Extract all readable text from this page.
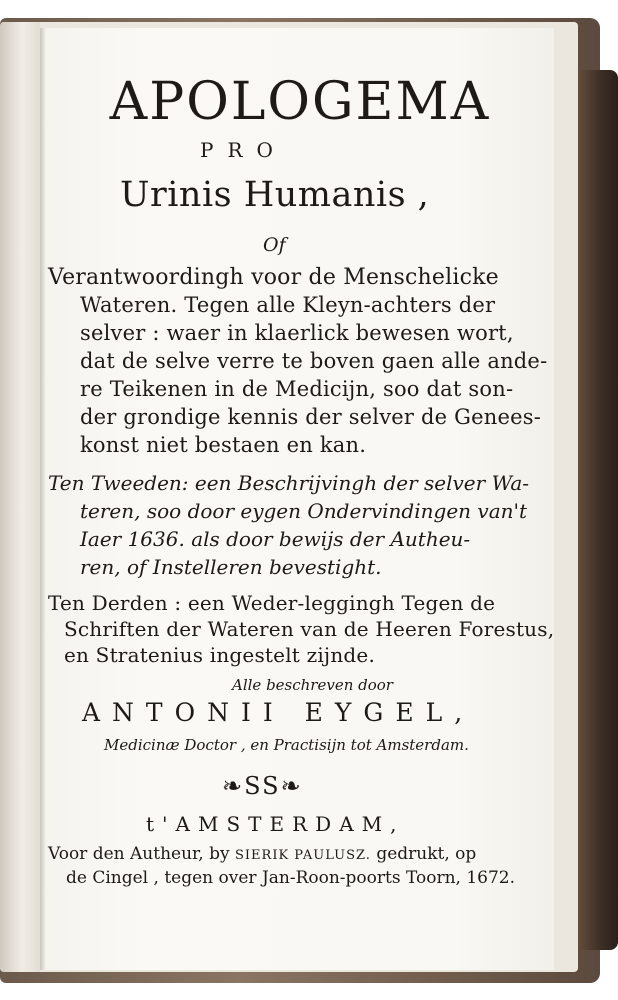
APOLOGEMA
PRO
Urinis Humanis ,
Of
Verantwoordingh voor de Menschelicke
Wateren. Tegen alle Kleyn-achters der
selver : waer in klaerlick bewesen wort,
dat de selve verre te boven gaen alle ande-
re Teikenen in de Medicijn, soo dat son-
der grondige kennis der selver de Genees-
konst niet bestaen en kan.
Ten Tweeden: een Beschrijvingh der selver Wa-
teren, soo door eygen Ondervindingen van't
Iaer 1636. als door bewijs der Autheu-
ren, of Instelleren bevestight.
Ten Derden : een Weder-leggingh Tegen de
Schriften der Wateren van de Heeren Forestus,
en Stratenius ingestelt zijnde.
Alle beschreven door
ANTONII EYGEL,
Medicinæ Doctor , en Practisijn tot Amsterdam.
❧SS❧
t'AMSTERDAM,
Voor den Autheur, by SIERIK PAULUSZ. gedrukt, op
de Cingel , tegen over Jan-Roon-poorts Toorn, 1672.
